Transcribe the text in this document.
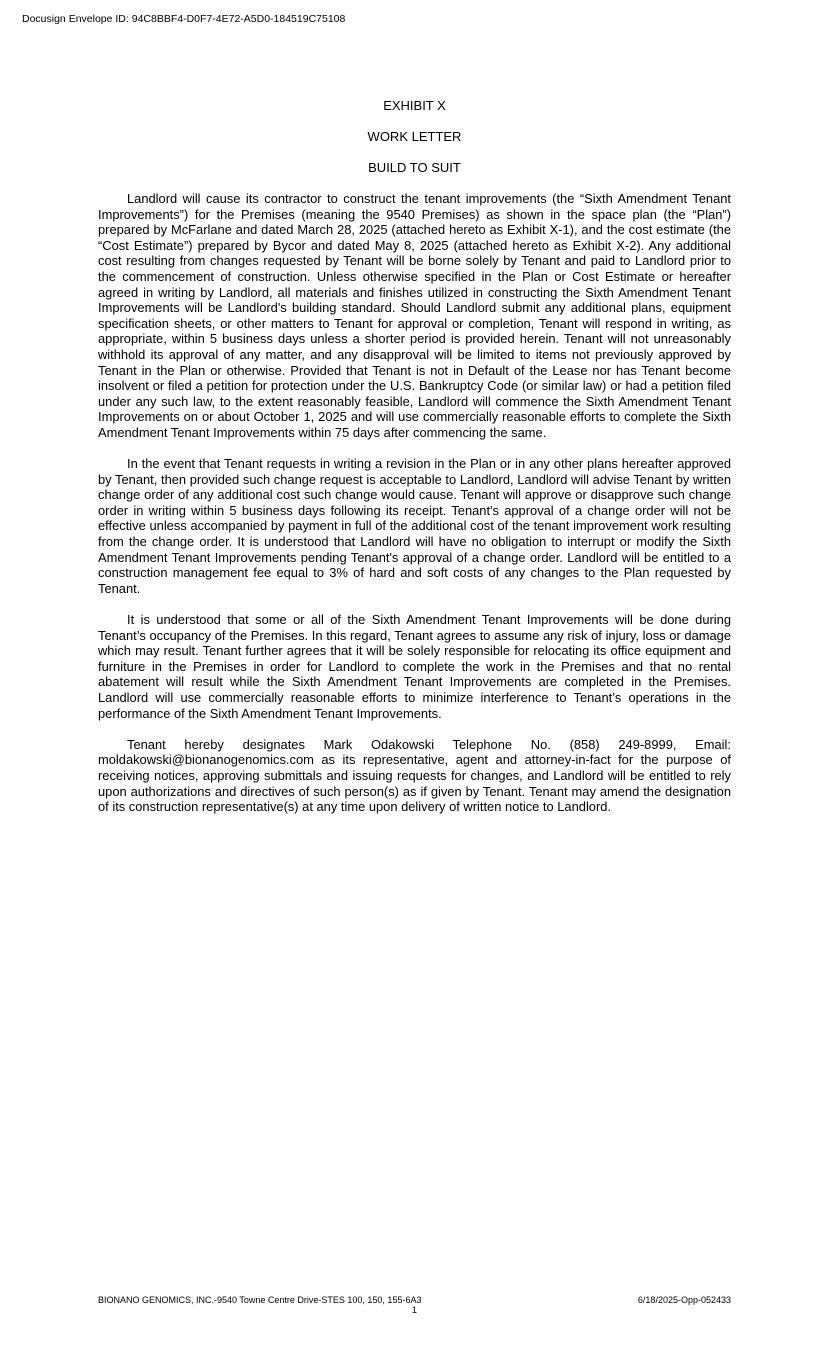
Docusign Envelope ID: 94C8BBF4-D0F7-4E72-A5D0-184519C75108
EXHIBIT X
WORK LETTER
BUILD TO SUIT

Landlord will cause its contractor to construct the tenant improvements (the “Sixth Amendment Tenant Improvements”) for the Premises (meaning the 9540 Premises) as shown in the space plan (the “Plan”) prepared by McFarlane and dated March 28, 2025 (attached hereto as Exhibit X-1), and the cost estimate (the “Cost Estimate”) prepared by Bycor and dated May 8, 2025 (attached hereto as Exhibit X-2). Any additional cost resulting from changes requested by Tenant will be borne solely by Tenant and paid to Landlord prior to the commencement of construction. Unless otherwise specified in the Plan or Cost Estimate or hereafter agreed in writing by Landlord, all materials and finishes utilized in constructing the Sixth Amendment Tenant Improvements will be Landlord's building standard. Should Landlord submit any additional plans, equipment specification sheets, or other matters to Tenant for approval or completion, Tenant will respond in writing, as appropriate, within 5 business days unless a shorter period is provided herein. Tenant will not unreasonably withhold its approval of any matter, and any disapproval will be limited to items not previously approved by Tenant in the Plan or otherwise. Provided that Tenant is not in Default of the Lease nor has Tenant become insolvent or filed a petition for protection under the U.S. Bankruptcy Code (or similar law) or had a petition filed under any such law, to the extent reasonably feasible, Landlord will commence the Sixth Amendment Tenant Improvements on or about October 1, 2025 and will use commercially reasonable efforts to complete the Sixth Amendment Tenant Improvements within 75 days after commencing the same.

In the event that Tenant requests in writing a revision in the Plan or in any other plans hereafter approved by Tenant, then provided such change request is acceptable to Landlord, Landlord will advise Tenant by written change order of any additional cost such change would cause. Tenant will approve or disapprove such change order in writing within 5 business days following its receipt. Tenant's approval of a change order will not be effective unless accompanied by payment in full of the additional cost of the tenant improvement work resulting from the change order. It is understood that Landlord will have no obligation to interrupt or modify the Sixth Amendment Tenant Improvements pending Tenant's approval of a change order. Landlord will be entitled to a construction management fee equal to 3% of hard and soft costs of any changes to the Plan requested by Tenant.

It is understood that some or all of the Sixth Amendment Tenant Improvements will be done during Tenant’s occupancy of the Premises. In this regard, Tenant agrees to assume any risk of injury, loss or damage which may result. Tenant further agrees that it will be solely responsible for relocating its office equipment and furniture in the Premises in order for Landlord to complete the work in the Premises and that no rental abatement will result while the Sixth Amendment Tenant Improvements are completed in the Premises. Landlord will use commercially reasonable efforts to minimize interference to Tenant’s operations in the performance of the Sixth Amendment Tenant Improvements.

Tenant hereby designates Mark Odakowski Telephone No. (858) 249-8999, Email: moldakowski@bionanogenomics.com as its representative, agent and attorney-in-fact for the purpose of receiving notices, approving submittals and issuing requests for changes, and Landlord will be entitled to rely upon authorizations and directives of such person(s) as if given by Tenant. Tenant may amend the designation of its construction representative(s) at any time upon delivery of written notice to Landlord.

BIONANO GENOMICS, INC.-9540 Towne Centre Drive-STES 100, 150, 155-6A3	6/18/2025-Opp-052433
1
